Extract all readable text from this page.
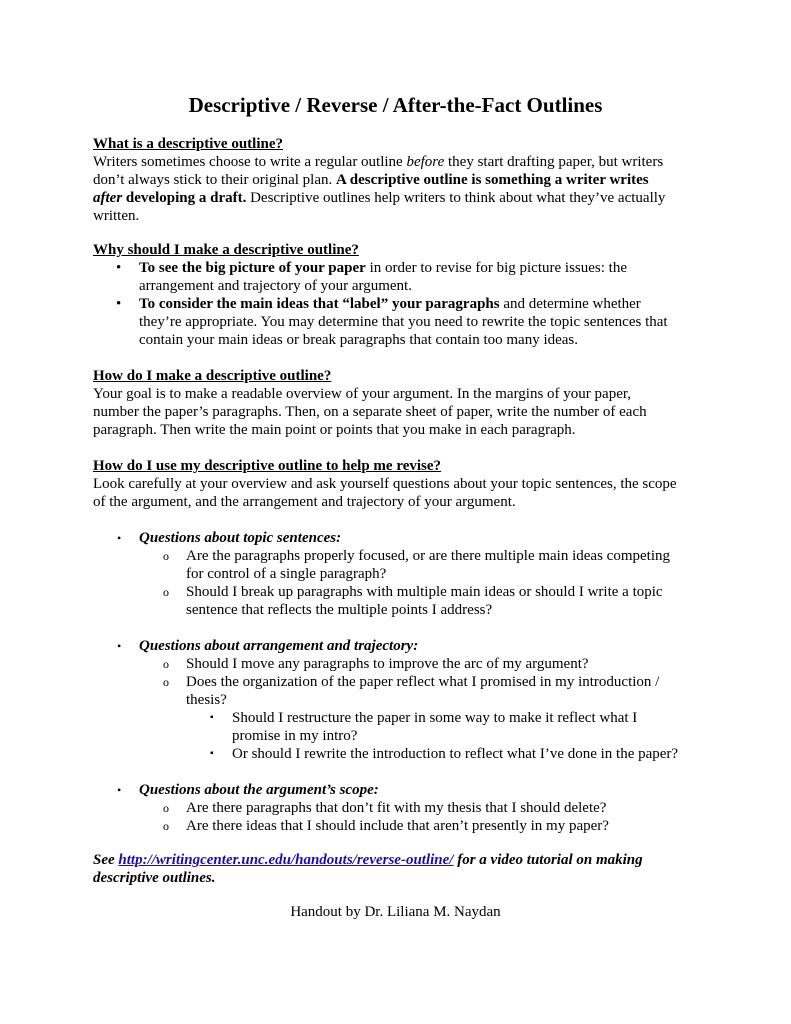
Descriptive / Reverse / After-the-Fact Outlines
What is a descriptive outline?
Writers sometimes choose to write a regular outline before they start drafting paper, but writers
don’t always stick to their original plan. A descriptive outline is something a writer writes
after developing a draft. Descriptive outlines help writers to think about what they’ve actually
written.
Why should I make a descriptive outline?
• To see the big picture of your paper in order to revise for big picture issues: the
arrangement and trajectory of your argument.
• To consider the main ideas that “label” your paragraphs and determine whether
they’re appropriate. You may determine that you need to rewrite the topic sentences that
contain your main ideas or break paragraphs that contain too many ideas.
How do I make a descriptive outline?
Your goal is to make a readable overview of your argument. In the margins of your paper,
number the paper’s paragraphs. Then, on a separate sheet of paper, write the number of each
paragraph. Then write the main point or points that you make in each paragraph.
How do I use my descriptive outline to help me revise?
Look carefully at your overview and ask yourself questions about your topic sentences, the scope
of the argument, and the arrangement and trajectory of your argument.
• Questions about topic sentences:
o Are the paragraphs properly focused, or are there multiple main ideas competing
for control of a single paragraph?
o Should I break up paragraphs with multiple main ideas or should I write a topic
sentence that reflects the multiple points I address?
• Questions about arrangement and trajectory:
o Should I move any paragraphs to improve the arc of my argument?
o Does the organization of the paper reflect what I promised in my introduction /
thesis?
▪ Should I restructure the paper in some way to make it reflect what I
promise in my intro?
▪ Or should I rewrite the introduction to reflect what I’ve done in the paper?
• Questions about the argument’s scope:
o Are there paragraphs that don’t fit with my thesis that I should delete?
o Are there ideas that I should include that aren’t presently in my paper?
See http://writingcenter.unc.edu/handouts/reverse-outline/ for a video tutorial on making
descriptive outlines.
Handout by Dr. Liliana M. Naydan
